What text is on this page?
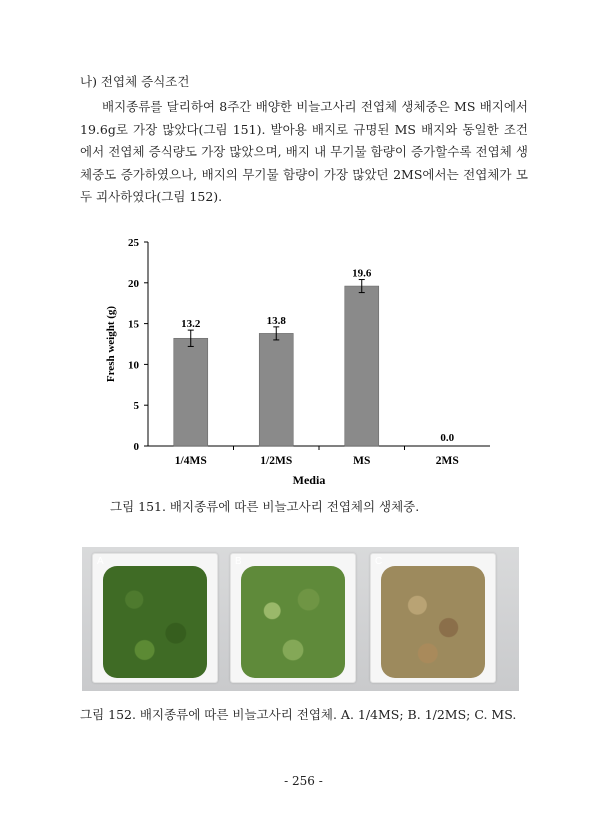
나) 전엽체 증식조건

배지종류를 달리하여 8주간 배양한 비늘고사리 전엽체 생체중은 MS 배지에서 19.6g로 가장 많았다(그림 151). 발아용 배지로 규명된 MS 배지와 동일한 조건에서 전엽체 증식량도 가장 많았으며, 배지 내 무기물 함량이 증가할수록 전엽체 생체중도 증가하였으나, 배지의 무기물 함량이 가장 많았던 2MS에서는 전엽체가 모두 괴사하였다(그림 152).

0
5
10
15
20
25
13.2
1/4MS
13.8
1/2MS
19.6
MS
0.0
2MS
Media
Fresh weight (g)
그림 151. 배지종류에 따른 비늘고사리 전엽체의 생체중.
A	B	C
그림 152. 배지종류에 따른 비늘고사리 전엽체. A. 1/4MS; B. 1/2MS; C. MS.
- 256 -
